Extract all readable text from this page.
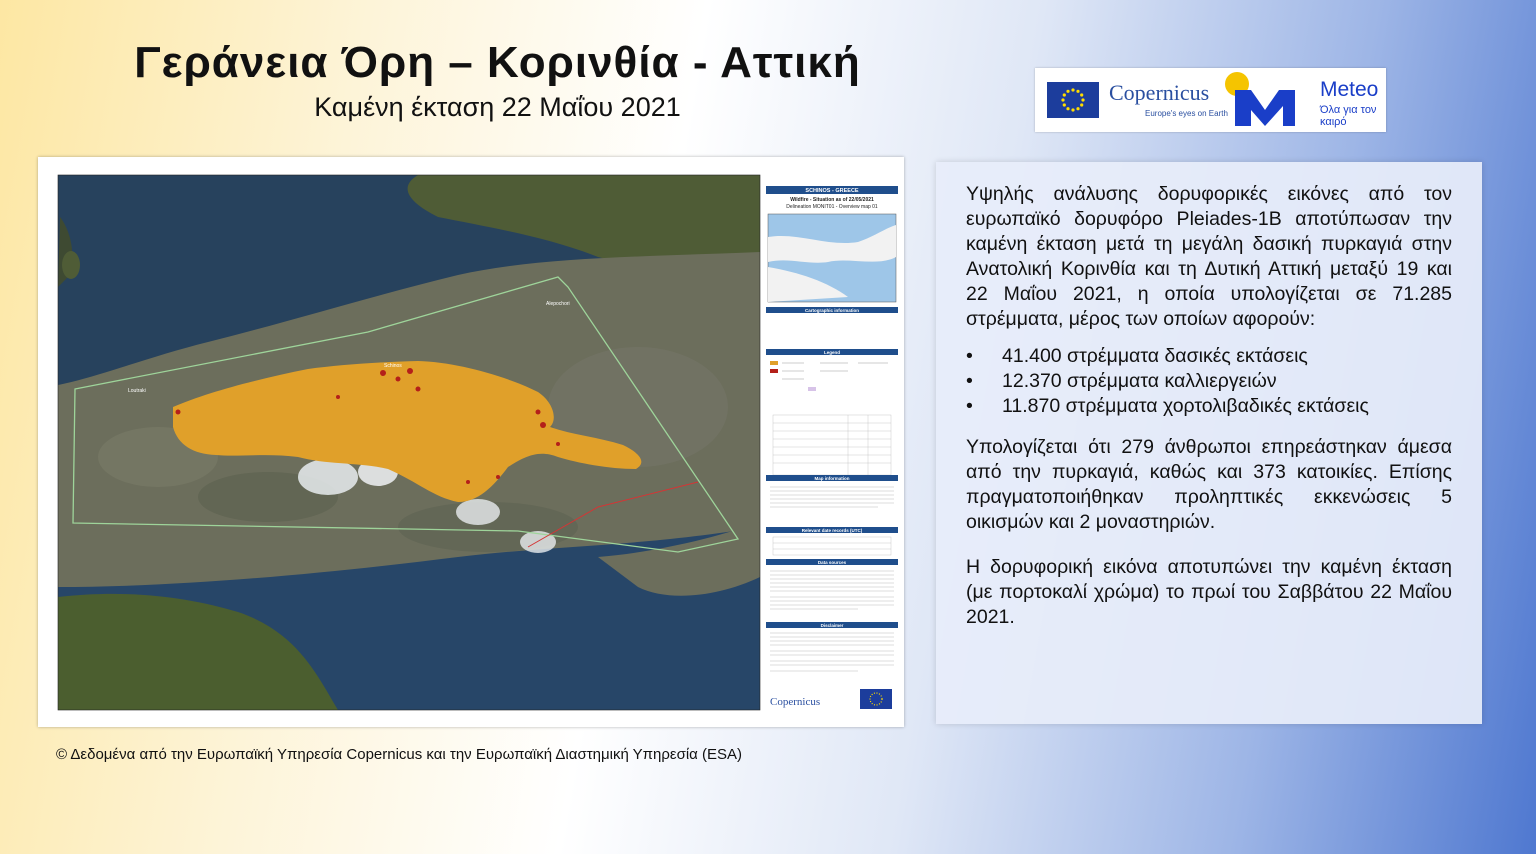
Γεράνεια Όρη – Κορινθία - Αττική
Καμένη έκταση 22 Μαΐου 2021	Copernicus
Europe's eyes on Earth
Meteo
Όλα για τον καιρό
Loutraki
Schinos
Alepochori
SCHINOS - GREECE
Wildfire - Situation as of 22/05/2021
Delineation MONIT01 - Overview map 01
Cartographic information
Legend
Map information
Relevant date records (UTC)
Data sources
Disclaimer
Copernicus
© Δεδομένα από την Ευρωπαϊκή Υπηρεσία Copernicus και την Ευρωπαϊκή Διαστημική Υπηρεσία (ESA)

Υψηλής ανάλυσης δορυφορικές εικόνες από τον ευρωπαϊκό δορυφόρο Pleiades-1B αποτύπωσαν την καμένη έκταση μετά τη μεγάλη δασική πυρκαγιά στην Ανατολική Κορινθία και τη Δυτική Αττική μεταξύ 19 και 22 Μαΐου 2021, η οποία υπολογίζεται σε 71.285 στρέμματα, μέρος των οποίων αφορούν:

• 41.400 στρέμματα δασικές εκτάσεις
• 12.370 στρέμματα καλλιεργειών
• 11.870 στρέμματα χορτολιβαδικές εκτάσεις

Υπολογίζεται ότι 279 άνθρωποι επηρεάστηκαν άμεσα από την πυρκαγιά, καθώς και 373 κατοικίες. Επίσης πραγματοποιήθηκαν προληπτικές εκκενώσεις 5 οικισμών και 2 μοναστηριών.

Η δορυφορική εικόνα αποτυπώνει την καμένη έκταση (με πορτοκαλί χρώμα) το πρωί του Σαββάτου 22 Μαΐου 2021.
